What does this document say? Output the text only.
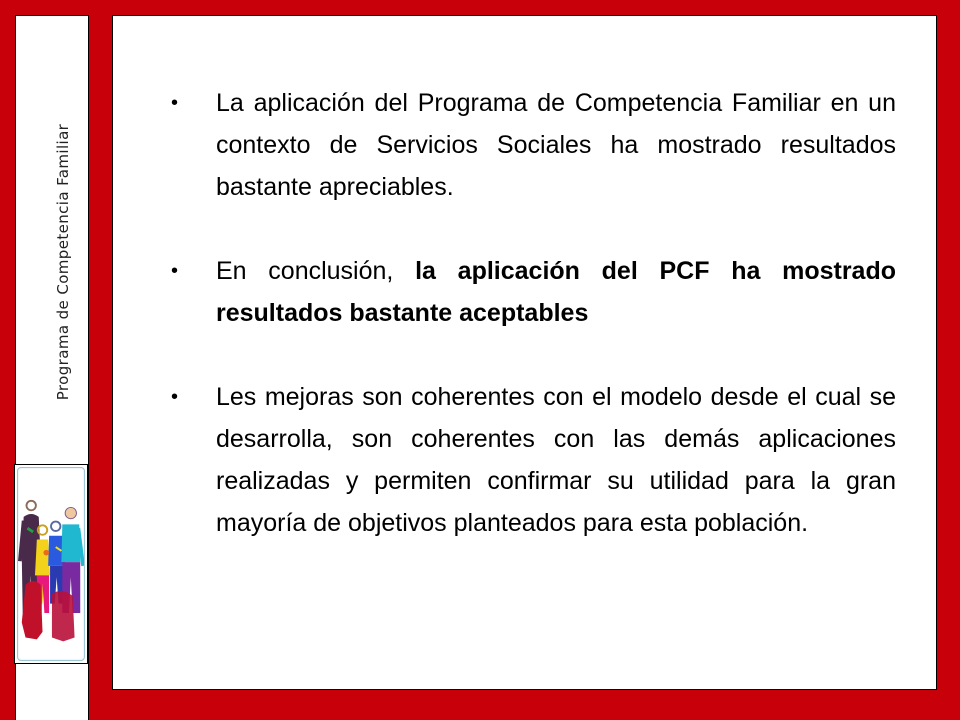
Programa de Competencia Familiar
• La aplicación del Programa de Competencia Familiar en un contexto de Servicios Sociales ha mostrado resultados bastante apreciables.
• En conclusión, la aplicación del PCF ha mostrado resultados bastante aceptables
• Les mejoras son coherentes con el modelo desde el cual se desarrolla, son coherentes con las demás aplicaciones realizadas y permiten confirmar su utilidad para la gran mayoría de objetivos planteados para esta población.
